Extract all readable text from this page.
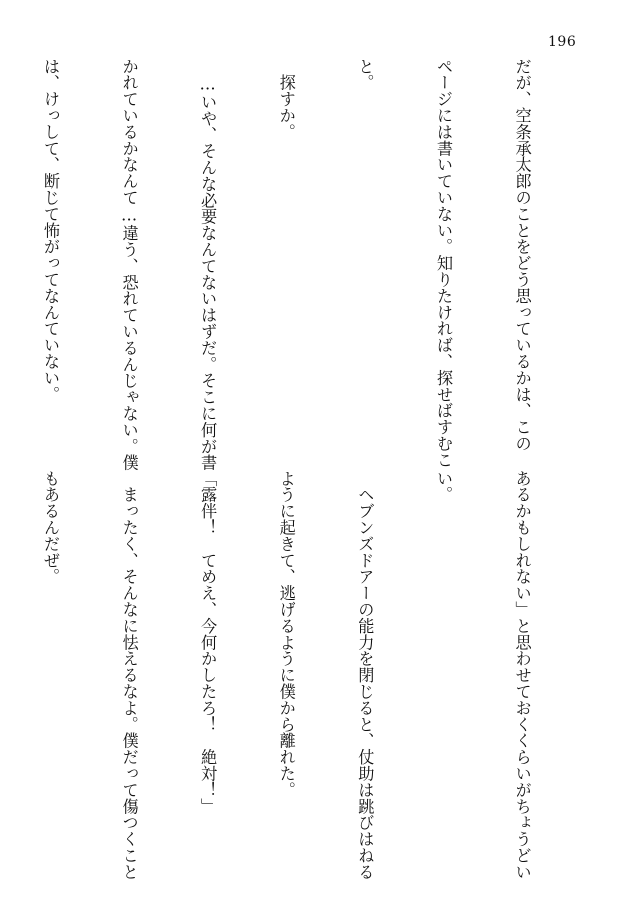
196

だが、空条承太郎のことをどう思っているかは、この

ページには書いていない。知りたければ、探せばすむこ

と。

　探すか。

　…いや、そんな必要なんてないはずだ。そこに何が書

かれているかなんて…違う、恐れているんじゃない。僕

は、けっして、断じて怖がってなんていない。

あるかもしれない」と思わせておくくらいがちょうどい

い。

　ヘブンズドアーの能力を閉じると、仗助は跳びはねる

ように起きて、逃げるように僕から離れた。

「露伴！　てめえ、今何かしたろ！　絶対！」

　まったく、そんなに怯えるなよ。僕だって傷つくこと

もあるんだぜ。
